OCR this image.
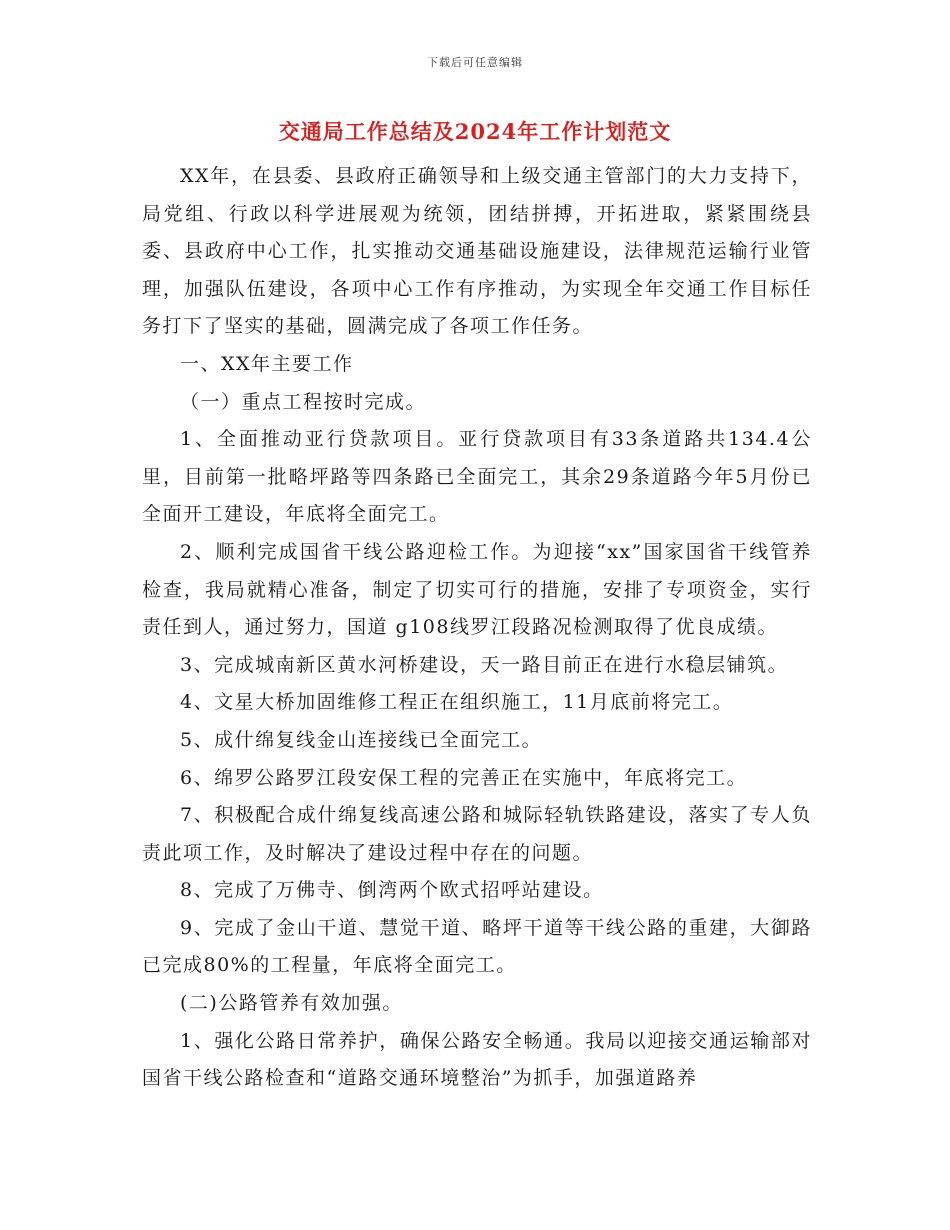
下载后可任意编辑
交通局工作总结及2024年工作计划范文

XX年，在县委、县政府正确领导和上级交通主管部门的大力支持下，局党组、行政以科学进展观为统领，团结拼搏，开拓进取，紧紧围绕县委、县政府中心工作，扎实推动交通基础设施建设，法律规范运输行业管理，加强队伍建设，各项中心工作有序推动，为实现全年交通工作目标任务打下了坚实的基础，圆满完成了各项工作任务。

一、XX年主要工作

（一）重点工程按时完成。

1、全面推动亚行贷款项目。亚行贷款项目有33条道路共134.4公里，目前第一批略坪路等四条路已全面完工，其余29条道路今年5月份已全面开工建设，年底将全面完工。

2、顺利完成国省干线公路迎检工作。为迎接“xx”国家国省干线管养检查，我局就精心准备，制定了切实可行的措施，安排了专项资金，实行责任到人，通过努力，国道 g108线罗江段路况检测取得了优良成绩。

3、完成城南新区黄水河桥建设，天一路目前正在进行水稳层铺筑。

4、文星大桥加固维修工程正在组织施工，11月底前将完工。

5、成什绵复线金山连接线已全面完工。

6、绵罗公路罗江段安保工程的完善正在实施中，年底将完工。

7、积极配合成什绵复线高速公路和城际轻轨铁路建设，落实了专人负责此项工作，及时解决了建设过程中存在的问题。

8、完成了万佛寺、倒湾两个欧式招呼站建设。

9、完成了金山干道、慧觉干道、略坪干道等干线公路的重建，大御路已完成80%的工程量，年底将全面完工。

(二)公路管养有效加强。

1、强化公路日常养护，确保公路安全畅通。我局以迎接交通运输部对国省干线公路检查和“道路交通环境整治”为抓手，加强道路养
